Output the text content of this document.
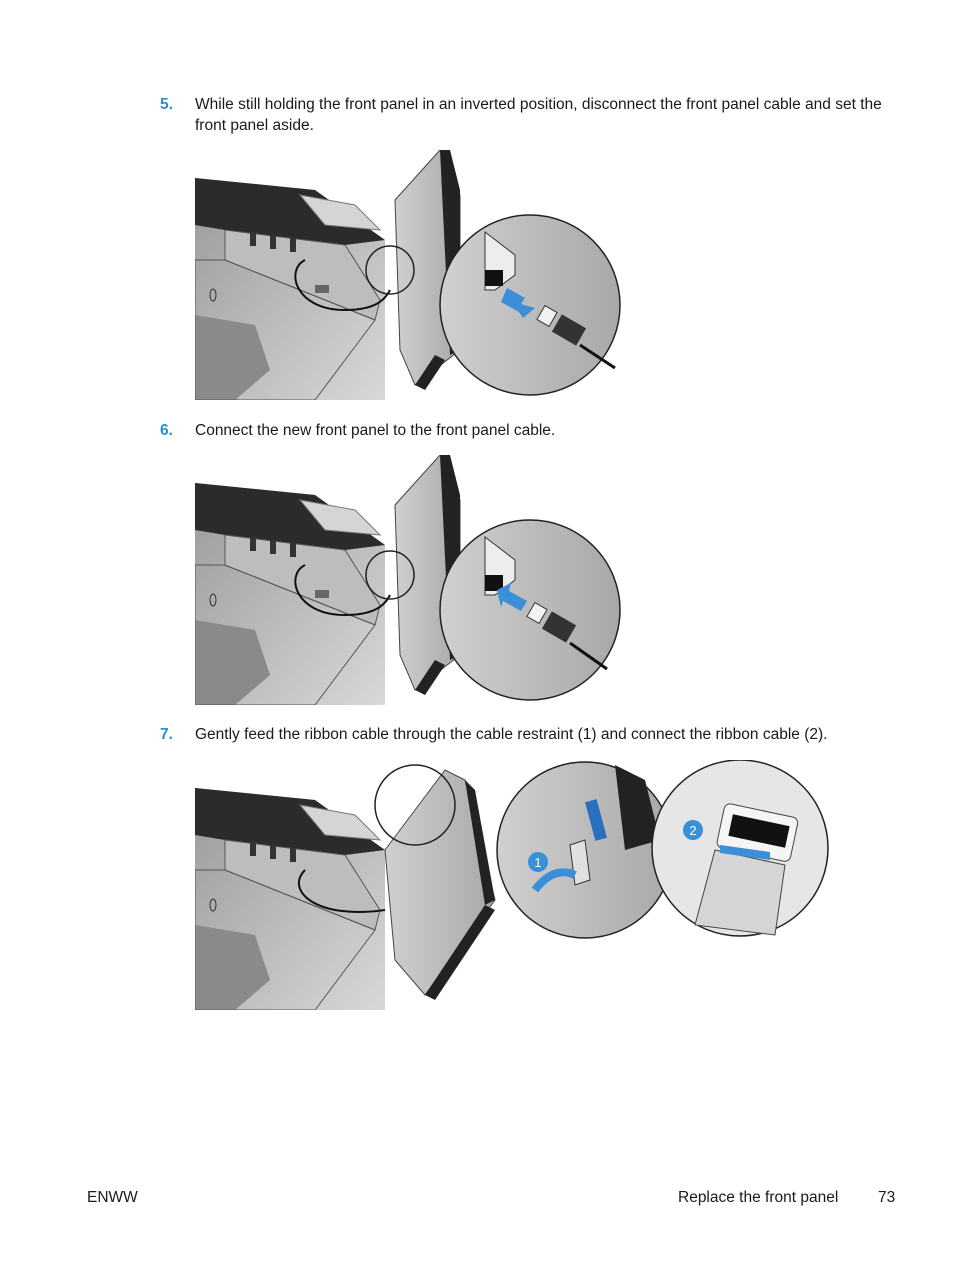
5. While still holding the front panel in an inverted position, disconnect the front panel cable and set the front panel aside.
6. Connect the new front panel to the front panel cable.
7. Gently feed the ribbon cable through the cable restraint (1) and connect the ribbon cable (2).
1
2
ENWW	Replace the front panel	73
